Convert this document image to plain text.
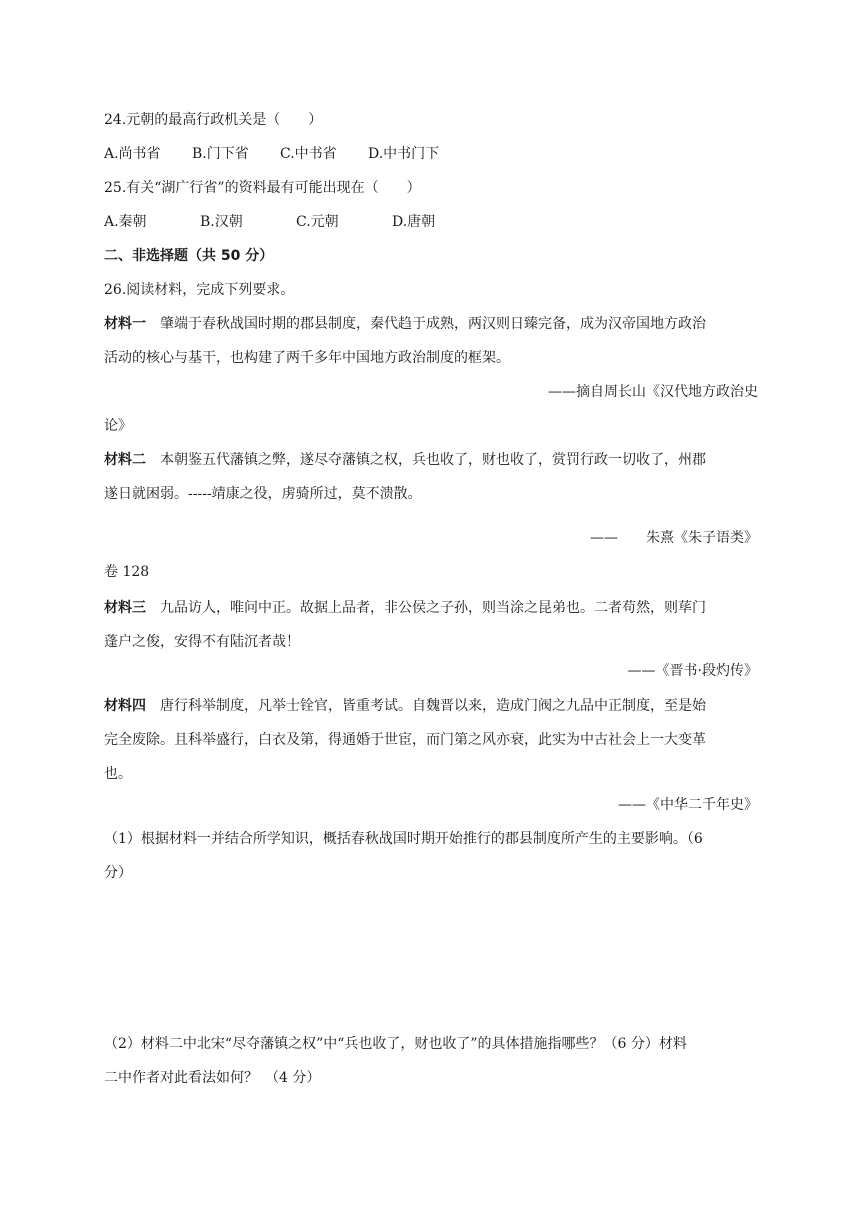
24.元朝的最高行政机关是（　　）
A.尚书省 B.门下省 C.中书省 D.中书门下
25.有关“湖广行省”的资料最有可能出现在（　　）
A.秦朝	B.汉朝	C.元朝	D.唐朝
二、非选择题（共 50 分）
26.阅读材料，完成下列要求。
材料一 肇端于春秋战国时期的郡县制度，秦代趋于成熟，两汉则日臻完备，成为汉帝国地方政治
活动的核心与基干，也构建了两千多年中国地方政治制度的框架。
——摘自周长山《汉代地方政治史
论》
材料二 本朝鉴五代藩镇之弊，遂尽夺藩镇之权，兵也收了，财也收了，赏罚行政一切收了，州郡
遂日就困弱。-----靖康之役，虏骑所过，莫不溃散。
——　　朱熹《朱子语类》
卷 128
材料三 九品访人，唯问中正。故据上品者，非公侯之子孙，则当涂之昆弟也。二者苟然，则荜门
蓬户之俊，安得不有陆沉者哉！
——《晋书·段灼传》
材料四 唐行科举制度，凡举士铨官，皆重考试。自魏晋以来，造成门阀之九品中正制度，至是始
完全废除。且科举盛行，白衣及第，得通婚于世宦，而门第之风亦衰，此实为中古社会上一大变革
也。
——《中华二千年史》
（1）根据材料一并结合所学知识，概括春秋战国时期开始推行的郡县制度所产生的主要影响。（6
分）
（2）材料二中北宋“尽夺藩镇之权”中“兵也收了，财也收了”的具体措施指哪些？（6 分）材料
二中作者对此看法如何？　（4 分）
